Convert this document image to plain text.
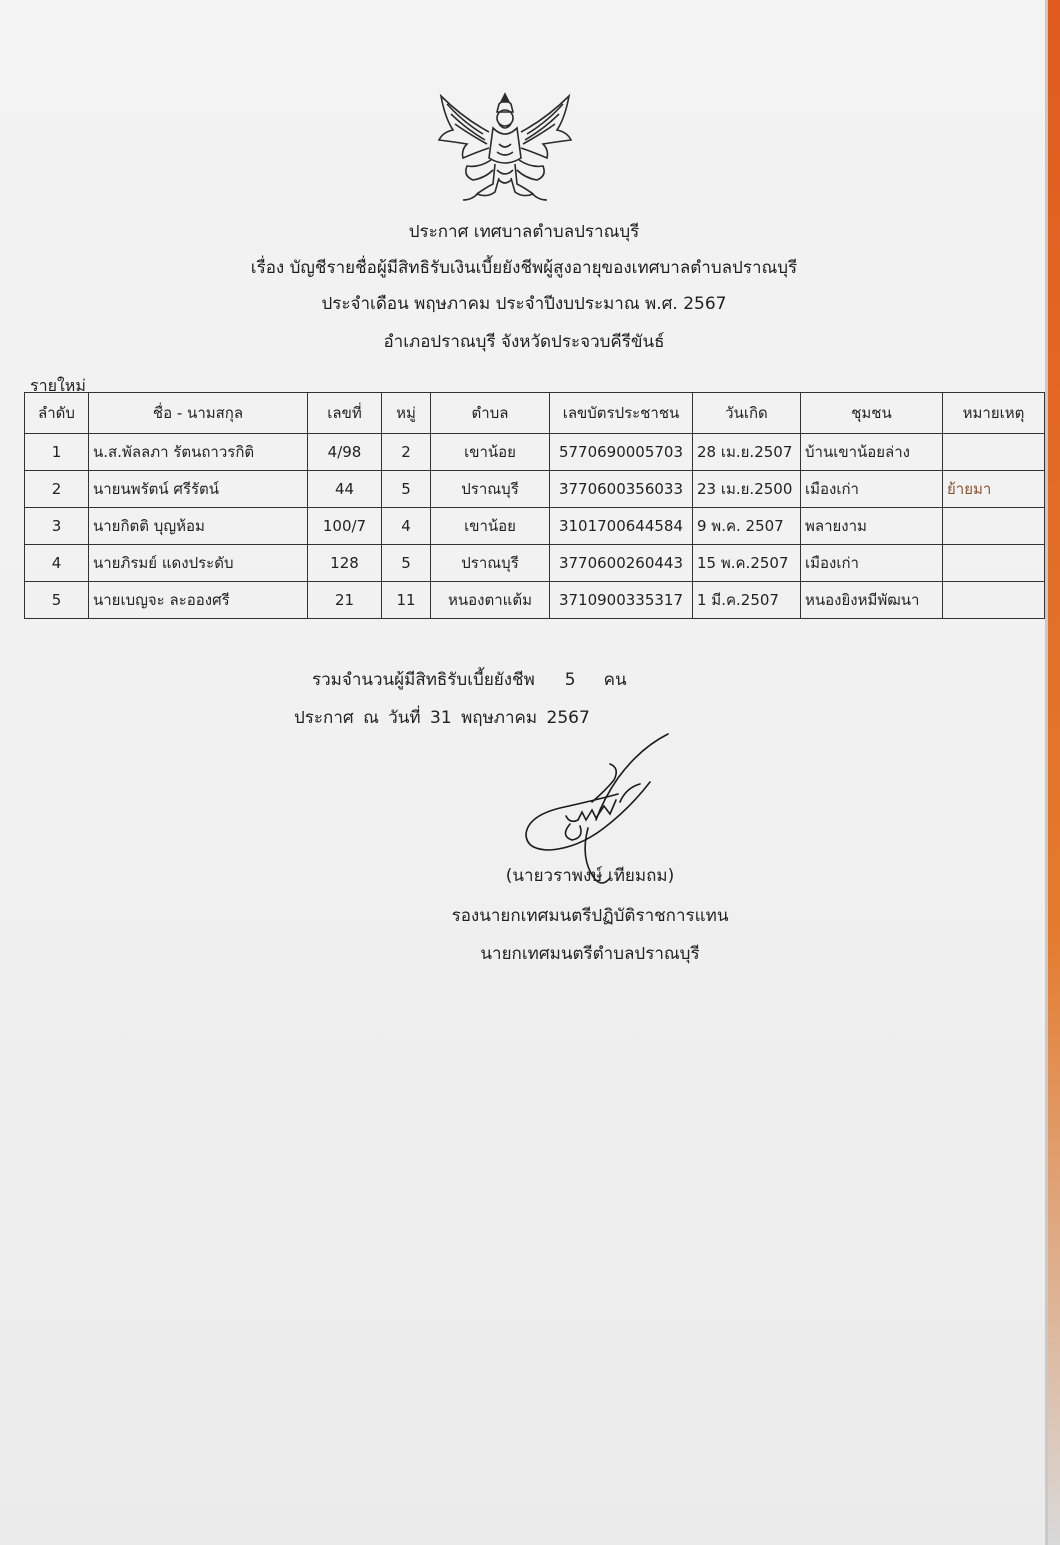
ประกาศ เทศบาลตำบลปราณบุรี
เรื่อง บัญชีรายชื่อผู้มีสิทธิรับเงินเบี้ยยังชีพผู้สูงอายุของเทศบาลตำบลปราณบุรี
ประจำเดือน พฤษภาคม ประจำปีงบประมาณ พ.ศ. 2567
อำเภอปราณบุรี จังหวัดประจวบคีรีขันธ์
รายใหม่
ลำดับ	ชื่อ - นามสกุล	เลขที่	หมู่	ตำบล	เลขบัตรประชาชน	วันเกิด	ชุมชน	หมายเหตุ
1	น.ส.พัลลภา รัตนถาวรกิติ	4/98	2	เขาน้อย	5770690005703	28 เม.ย.2507	บ้านเขาน้อยล่าง	
2	นายนพรัตน์ ศรีรัตน์	44	5	ปราณบุรี	3770600356033	23 เม.ย.2500	เมืองเก่า	ย้ายมา
3	นายกิตติ บุญห้อม	100/7	4	เขาน้อย	3101700644584	9 พ.ค. 2507	พลายงาม	
4	นายภิรมย์ แดงประดับ	128	5	ปราณบุรี	3770600260443	15 พ.ค.2507	เมืองเก่า	
5	นายเบญจะ ละอองศรี	21	11	หนองตาแต้ม	3710900335317	1 มี.ค.2507	หนองยิงหมีพัฒนา	
รวมจำนวนผู้มีสิทธิรับเบี้ยยังชีพ 5 คน
ประกาศ ณ วันที่ 31 พฤษภาคม 2567
(นายวราพงษ์ เทียมถม)
รองนายกเทศมนตรีปฏิบัติราชการแทน
นายกเทศมนตรีตำบลปราณบุรี
